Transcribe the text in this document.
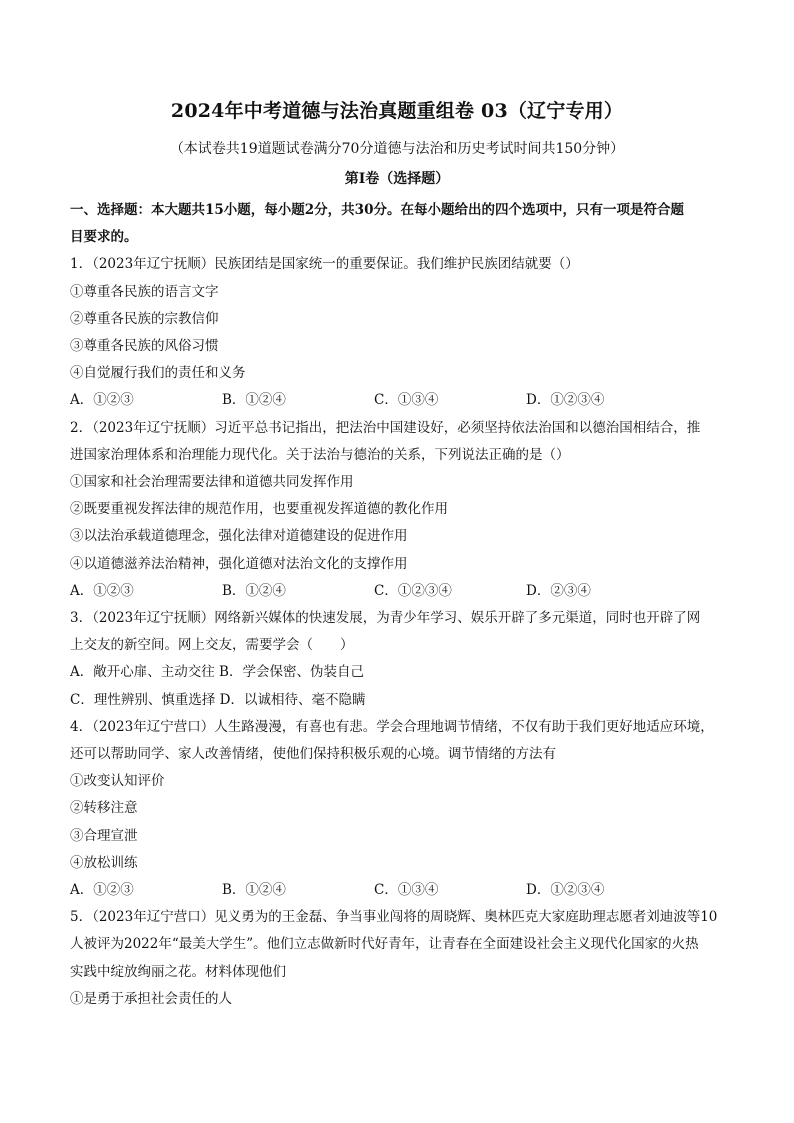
2024年中考道德与法治真题重组卷 03（辽宁专用）
（本试卷共19道题试卷满分70分道德与法治和历史考试时间共150分钟）
第Ⅰ卷（选择题）

一、选择题：本大题共15小题，每小题2分，共30分。在每小题给出的四个选项中，只有一项是符合题

目要求的。

1．（2023年辽宁抚顺）民族团结是国家统一的重要保证。我们维护民族团结就要（）

①尊重各民族的语言文字

②尊重各民族的宗教信仰

③尊重各民族的风俗习惯

④自觉履行我们的责任和义务

A．①②③	B．①②④	C．①③④	D．①②③④

2．（2023年辽宁抚顺）习近平总书记指出，把法治中国建设好，必须坚持依法治国和以德治国相结合，推

进国家治理体系和治理能力现代化。关于法治与德治的关系，下列说法正确的是（）

①国家和社会治理需要法律和道德共同发挥作用

②既要重视发挥法律的规范作用，也要重视发挥道德的教化作用

③以法治承载道德理念，强化法律对道德建设的促进作用

④以道德滋养法治精神，强化道德对法治文化的支撑作用

A．①②③	B．①②④	C．①②③④	D．②③④

3．（2023年辽宁抚顺）网络新兴媒体的快速发展，为青少年学习、娱乐开辟了多元渠道，同时也开辟了网

上交友的新空间。网上交友，需要学会（　　）

A．敞开心扉、主动交往 B．学会保密、伪装自己

C．理性辨别、慎重选择 D．以诚相待、毫不隐瞒

4．（2023年辽宁营口）人生路漫漫，有喜也有悲。学会合理地调节情绪，不仅有助于我们更好地适应环境，

还可以帮助同学、家人改善情绪，使他们保持积极乐观的心境。调节情绪的方法有

①改变认知评价

②转移注意

③合理宣泄

④放松训练

A．①②③	B．①②④	C．①③④	D．①②③④

5．（2023年辽宁营口）见义勇为的王金磊、争当事业闯将的周晓辉、奥林匹克大家庭助理志愿者刘迪波等10

人被评为2022年“最美大学生”。他们立志做新时代好青年，让青春在全面建设社会主义现代化国家的火热

实践中绽放绚丽之花。材料体现他们

①是勇于承担社会责任的人
